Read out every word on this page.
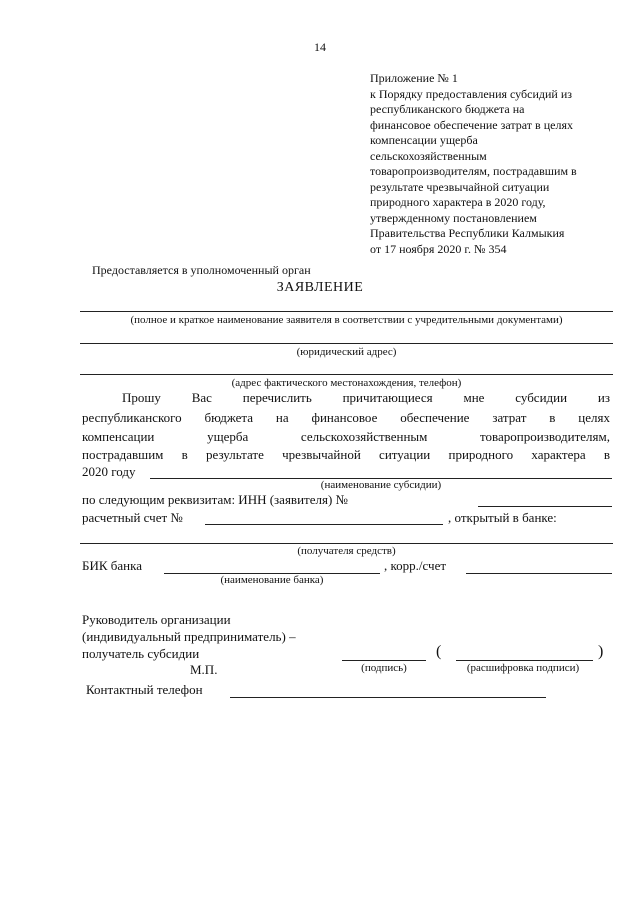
14
Приложение № 1
к Порядку предоставления субсидий из
республиканского бюджета на
финансовое обеспечение затрат в целях
компенсации ущерба
сельскохозяйственным
товаропроизводителям, пострадавшим в
результате чрезвычайной ситуации
природного характера в 2020 году,
утвержденному постановлением
Правительства Республики Калмыкия
от 17 ноября 2020 г. № 354
Предоставляется в уполномоченный орган
ЗАЯВЛЕНИЕ
(полное и краткое наименование заявителя в соответствии с учредительными документами)
(юридический адрес)
(адрес фактического местонахождения, телефон)
Прошу Вас перечислить причитающиеся мне субсидии из
республиканского бюджета на финансовое обеспечение затрат в целях
компенсации ущерба сельскохозяйственным товаропроизводителям,
пострадавшим в результате чрезвычайной ситуации природного характера в
2020 году
(наименование субсидии)
по следующим реквизитам: ИНН (заявителя) №
расчетный счет №	, открытый в банке:
(получателя средств)
БИК банка	, корр./счет
(наименование банка)
Руководитель организации
(индивидуальный предприниматель) –
получатель субсидии	(	)
М.П.	(подпись)	(расшифровка подписи)
Контактный телефон
